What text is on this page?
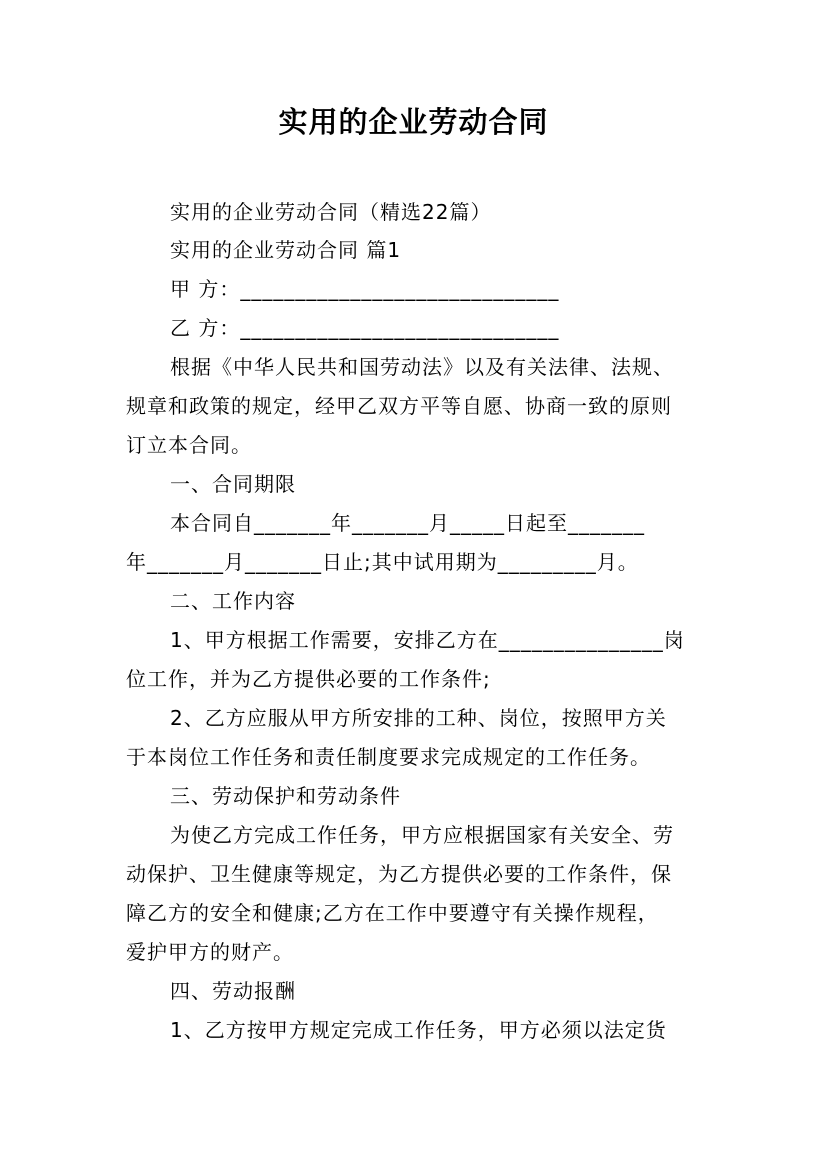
实用的企业劳动合同
实用的企业劳动合同（精选22篇）
实用的企业劳动合同 篇1
甲 方：_____________________________
乙 方：_____________________________
根据《中华人民共和国劳动法》以及有关法律、法规、
规章和政策的规定，经甲乙双方平等自愿、协商一致的原则
订立本合同。
一、合同期限
本合同自_______年_______月_____日起至_______
年_______月_______日止;其中试用期为_________月。
二、工作内容
1、甲方根据工作需要，安排乙方在_______________岗
位工作，并为乙方提供必要的工作条件;
2、乙方应服从甲方所安排的工种、岗位，按照甲方关
于本岗位工作任务和责任制度要求完成规定的工作任务。
三、劳动保护和劳动条件
为使乙方完成工作任务，甲方应根据国家有关安全、劳
动保护、卫生健康等规定，为乙方提供必要的工作条件，保
障乙方的安全和健康;乙方在工作中要遵守有关操作规程，
爱护甲方的财产。
四、劳动报酬
1、乙方按甲方规定完成工作任务，甲方必须以法定货
